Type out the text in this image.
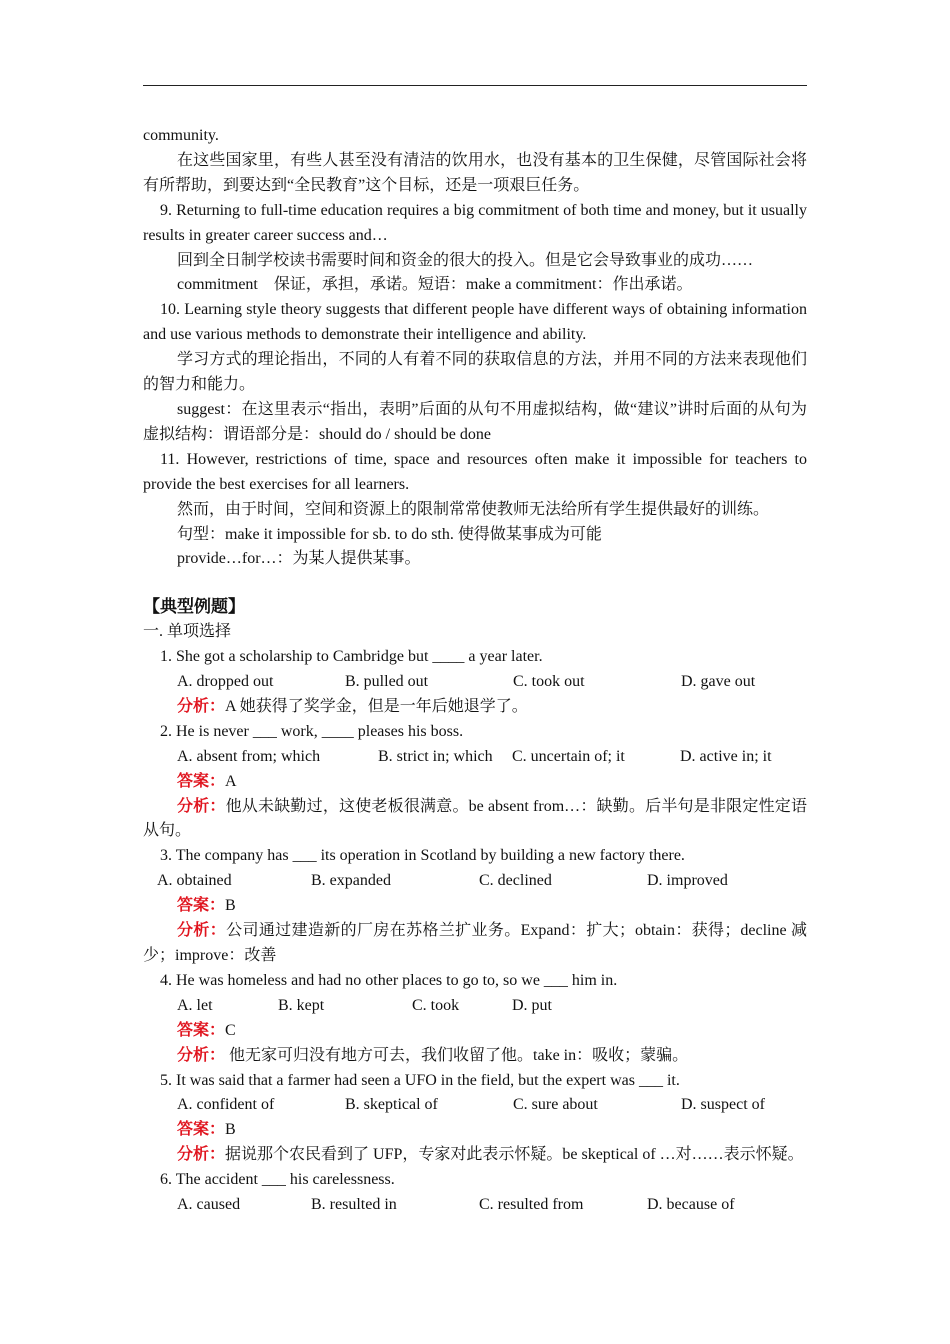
community.

在这些国家里，有些人甚至没有清洁的饮用水，也没有基本的卫生保健，尽管国际社会将有所帮助，到要达到“全民教育”这个目标，还是一项艰巨任务。

9. Returning to full-time education requires a big commitment of both time and money, but it usually results in greater career success and…

回到全日制学校读书需要时间和资金的很大的投入。但是它会导致事业的成功……

commitment　保证，承担，承诺。短语：make a commitment：作出承诺。

10. Learning style theory suggests that different people have different ways of obtaining information and use various methods to demonstrate their intelligence and ability.

学习方式的理论指出，不同的人有着不同的获取信息的方法，并用不同的方法来表现他们的智力和能力。

suggest：在这里表示“指出，表明”后面的从句不用虚拟结构，做“建议”讲时后面的从句为虚拟结构：谓语部分是：should do / should be done

11. However, restrictions of time, space and resources often make it impossible for teachers to provide the best exercises for all learners.

然而，由于时间，空间和资源上的限制常常使教师无法给所有学生提供最好的训练。

句型：make it impossible for sb. to do sth. 使得做某事成为可能

provide…for…：为某人提供某事。

【典型例题】

一. 单项选择

1. She got a scholarship to Cambridge but ____ a year later.

A. dropped out	B. pulled out	C. took out	D. gave out

分析：A 她获得了奖学金，但是一年后她退学了。

2. He is never ___ work, ____ pleases his boss.

A. absent from; which	B. strict in; which	C. uncertain of; it	D. active in; it

答案：A

分析：他从未缺勤过，这使老板很满意。be absent from…：缺勤。后半句是非限定性定语从句。

3. The company has ___ its operation in Scotland by building a new factory there.

A. obtained	B. expanded	C. declined	D. improved

答案：B

分析：公司通过建造新的厂房在苏格兰扩业务。Expand：扩大；obtain：获得；decline 减少；improve：改善

4. He was homeless and had no other places to go to, so we ___ him in.

A. let	B. kept	C. took	D. put

答案：C

分析： 他无家可归没有地方可去，我们收留了他。take in：吸收；蒙骗。

5. It was said that a farmer had seen a UFO in the field, but the expert was ___ it.

A. confident of	B. skeptical of	C. sure about	D. suspect of

答案：B

分析：据说那个农民看到了 UFP，专家对此表示怀疑。be skeptical of …对……表示怀疑。

6. The accident ___ his carelessness.

A. caused	B. resulted in	C. resulted from	D. because of
